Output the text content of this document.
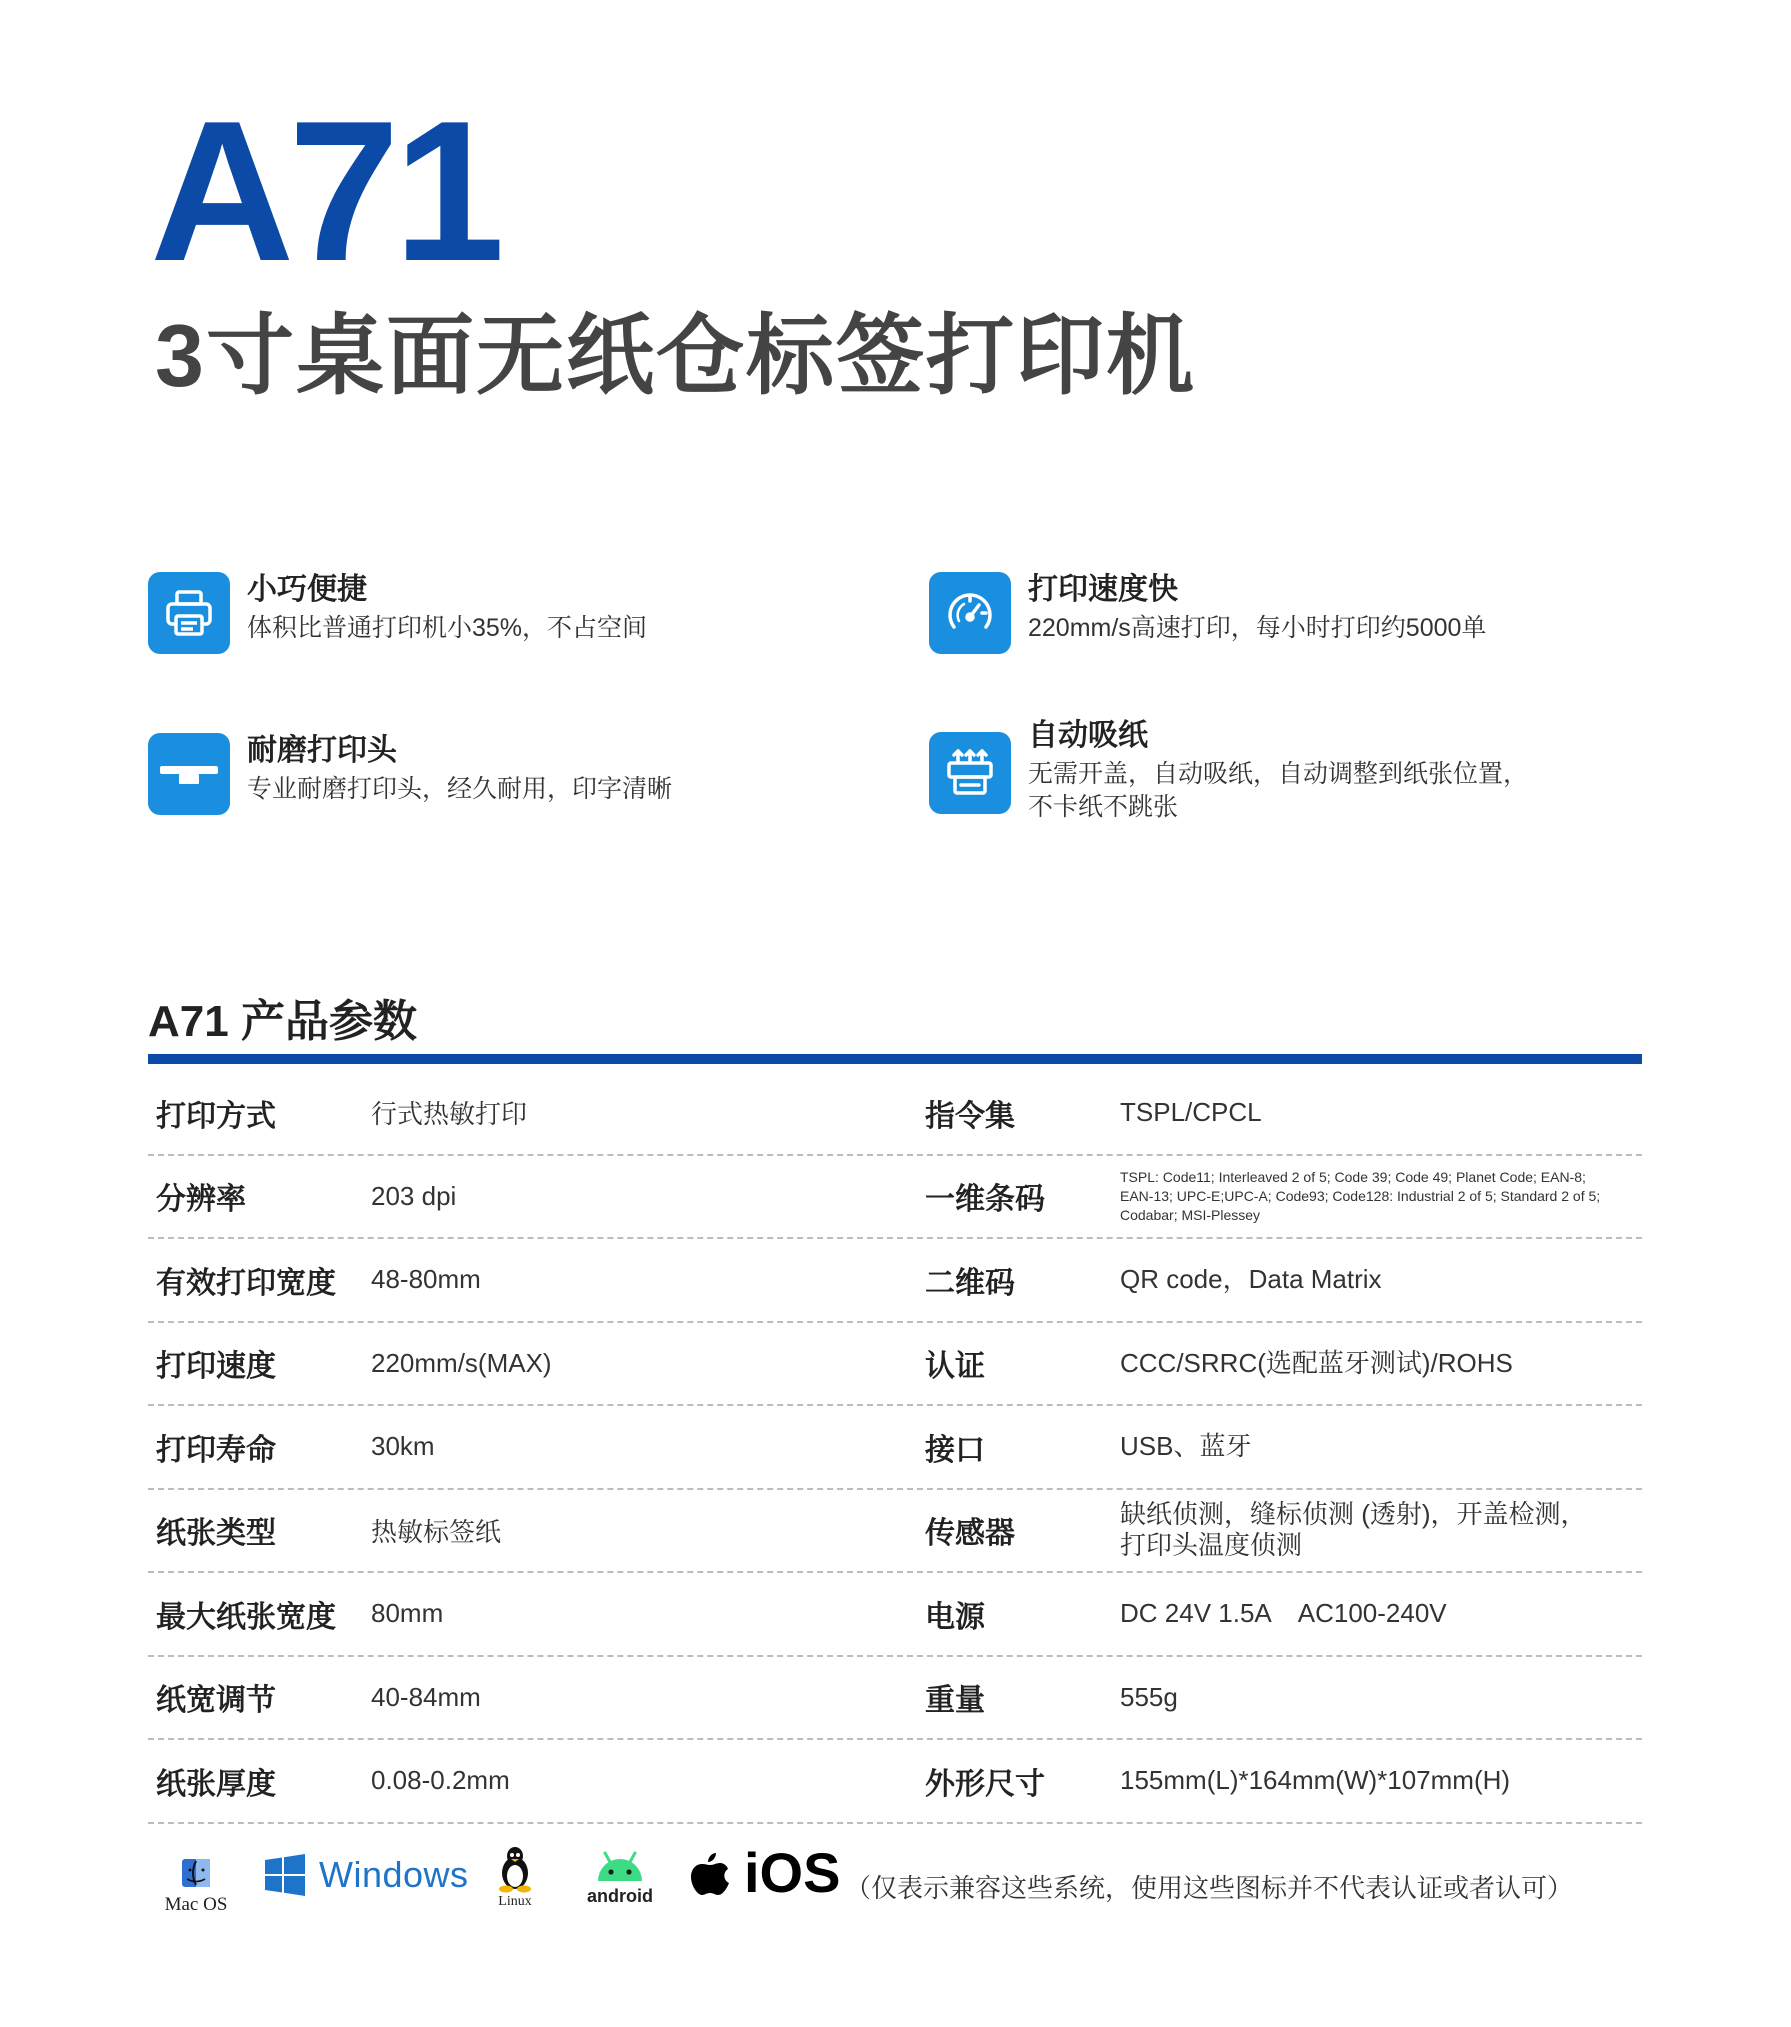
A71
3寸桌面无纸仓标签打印机
小巧便捷
体积比普通打印机小35%，不占空间
打印速度快
220mm/s高速打印，每小时打印约5000单
耐磨打印头
专业耐磨打印头，经久耐用，印字清晰
自动吸纸
无需开盖，自动吸纸，自动调整到纸张位置，
不卡纸不跳张
A71 产品参数
打印方式	行式热敏打印	指令集	TSPL/CPCL
分辨率	203 dpi	一维条码
TSPL: Code11; Interleaved 2 of 5; Code 39; Code 49; Planet Code; EAN-8;
EAN-13; UPC-E;UPC-A; Code93; Code128: Industrial 2 of 5; Standard 2 of 5;
Codabar; MSI-Plessey
有效打印宽度	48-80mm	二维码	QR code，Data Matrix
打印速度	220mm/s(MAX)	认证	CCC/SRRC(选配蓝牙测试)/ROHS
打印寿命	30km	接口	USB、蓝牙
纸张类型	热敏标签纸	传感器
缺纸侦测，缝标侦测 (透射)，开盖检测，
打印头温度侦测
最大纸张宽度	80mm	电源	DC 24V 1.5A    AC100-240V
纸宽调节	40-84mm	重量	555g
纸张厚度	0.08-0.2mm	外形尺寸	155mm(L)*164mm(W)*107mm(H)
Mac OS
Windows
Linux	android iOS （仅表示兼容这些系统，使用这些图标并不代表认证或者认可）
